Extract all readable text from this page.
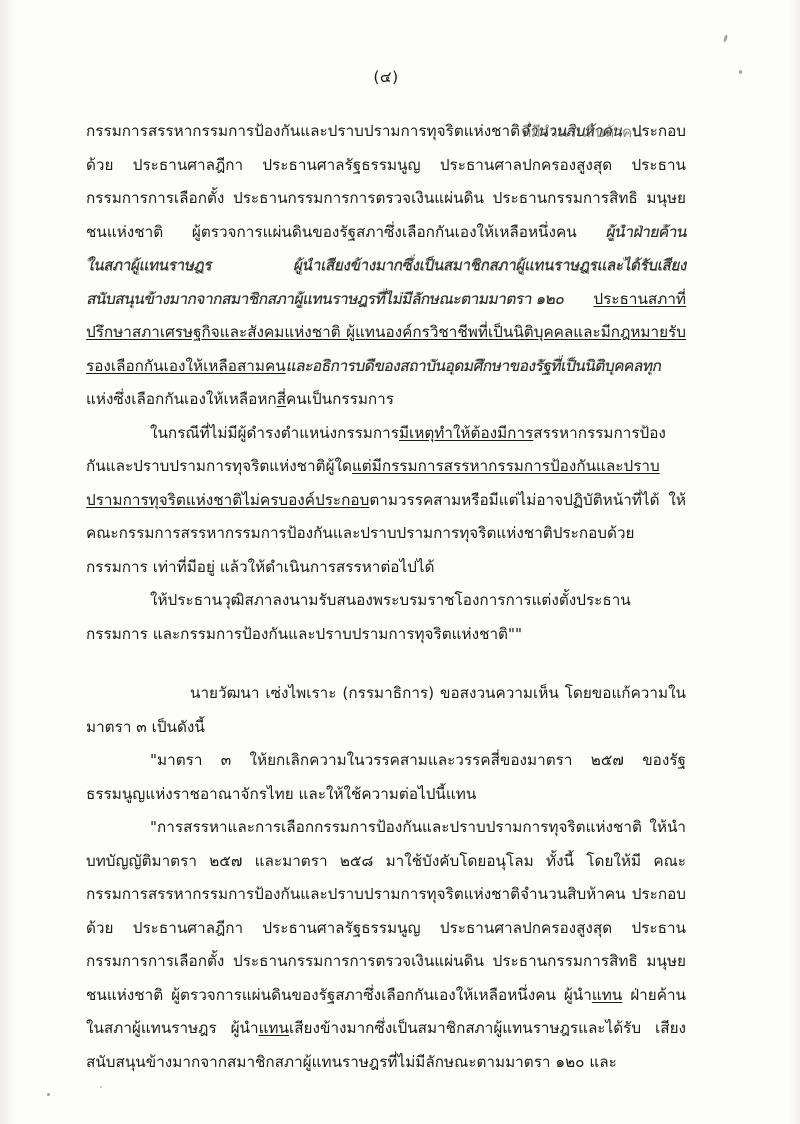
(๔)

กรรมการสรรหากรรมการป้องกันและปราบปรามการทุจริตแห่งชาติจำนวนสิบห้าคน ที่มีจำนวนสิบห้าคน ประกอบด้วย ประธานศาลฎีกา ประธานศาลรัฐธรรมนูญ ประธานศาลปกครองสูงสุด ประธานกรรมการการเลือกตั้ง ประธานกรรมการการตรวจเงินแผ่นดิน ประธานกรรมการสิทธิ มนุษยชนแห่งชาติ ผู้ตรวจการแผ่นดินของรัฐสภาซึ่งเลือกกันเองให้เหลือหนึ่งคน ผู้นำฝ่ายค้าน ผู้นำฝ่ายค้านในสภาผู้แทนราษฎร ในสภาผู้แทนราษฎร	ผู้นำเสียงข้างมากซึ่งเป็นสมาชิกสภาผู้แทนราษฎรและได้รับเสียง ผู้นำเสียงข้างมากซึ่งเป็นสมาชิกสภาผู้แทนราษฎรและได้รับเสียง สนับสนุนข้างมากจากสมาชิกสภาผู้แทนราษฎรที่ไม่มีลักษณะตามมาตรา ๑๒๐ สนับสนุนข้างมากจากสมาชิกสภาผู้แทนราษฎรที่ไม่มีลักษณะตามมาตรา ๑๒๐ ประธานสภาที่ ปรึกษาสภาเศรษฐกิจและสังคมแห่งชาติ ผู้แทนองค์กรวิชาชีพที่เป็นนิติบุคคลและมีกฎหมายรับ รองเลือกกันเองให้เหลือสามคนและอธิการบดีของสถาบันอุดมศึกษาของรัฐที่เป็นนิติบุคคลทุก และอธิการบดีของสถาบันอุดมศึกษาของรัฐที่เป็นนิติบุคคลทุก แห่งซึ่งเลือกกันเองให้เหลือหกสี่คนเป็นกรรมการ

ในกรณีที่ไม่มีผู้ดำรงตำแหน่งกรรมการมีเหตุทำให้ต้องมีการสรรหากรรมการป้อง กันและปราบปรามการทุจริตแห่งชาติผู้ใดแต่มีกรรมการสรรหากรรมการป้องกันและปราบ ปรามการทุจริตแห่งชาติไม่ครบองค์ประกอบตามวรรคสามหรือมีแต่ไม่อาจปฏิบัติหน้าที่ได้ ให้ คณะกรรมการสรรหากรรมการป้องกันและปราบปรามการทุจริตแห่งชาติประกอบด้วยกรรมการ เท่าที่มีอยู่ แล้วให้ดำเนินการสรรหาต่อไปได้

ให้ประธานวุฒิสภาลงนามรับสนองพระบรมราชโองการการแต่งตั้งประธานกรรมการ และกรรมการป้องกันและปราบปรามการทุจริตแห่งชาติ""

นายวัฒนา เซ่งไพเราะ (กรรมาธิการ) ขอสงวนความเห็น โดยขอแก้ความใน มาตรา ๓ เป็นดังนี้

"มาตรา ๓ ให้ยกเลิกความในวรรคสามและวรรคสี่ของมาตรา ๒๕๗ ของรัฐ ธรรมนูญแห่งราชอาณาจักรไทย และให้ใช้ความต่อไปนี้แทน

"การสรรหาและการเลือกกรรมการป้องกันและปราบปรามการทุจริตแห่งชาติ ให้นำบทบัญญัติมาตรา ๒๕๗ และมาตรา ๒๕๘ มาใช้บังคับโดยอนุโลม ทั้งนี้ โดยให้มี คณะกรรมการสรรหากรรมการป้องกันและปราบปรามการทุจริตแห่งชาติจำนวนสิบห้าคน ประกอบด้วย ประธานศาลฎีกา ประธานศาลรัฐธรรมนูญ ประธานศาลปกครองสูงสุด ประธานกรรมการการเลือกตั้ง ประธานกรรมการการตรวจเงินแผ่นดิน ประธานกรรมการสิทธิ มนุษยชนแห่งชาติ ผู้ตรวจการแผ่นดินของรัฐสภาซึ่งเลือกกันเองให้เหลือหนึ่งคน ผู้นำแทน ฝ่ายค้านในสภาผู้แทนราษฎร ผู้นำแทนเสียงข้างมากซึ่งเป็นสมาชิกสภาผู้แทนราษฎรและได้รับ เสียงสนับสนุนข้างมากจากสมาชิกสภาผู้แทนราษฎรที่ไม่มีลักษณะตามมาตรา ๑๒๐ และ
